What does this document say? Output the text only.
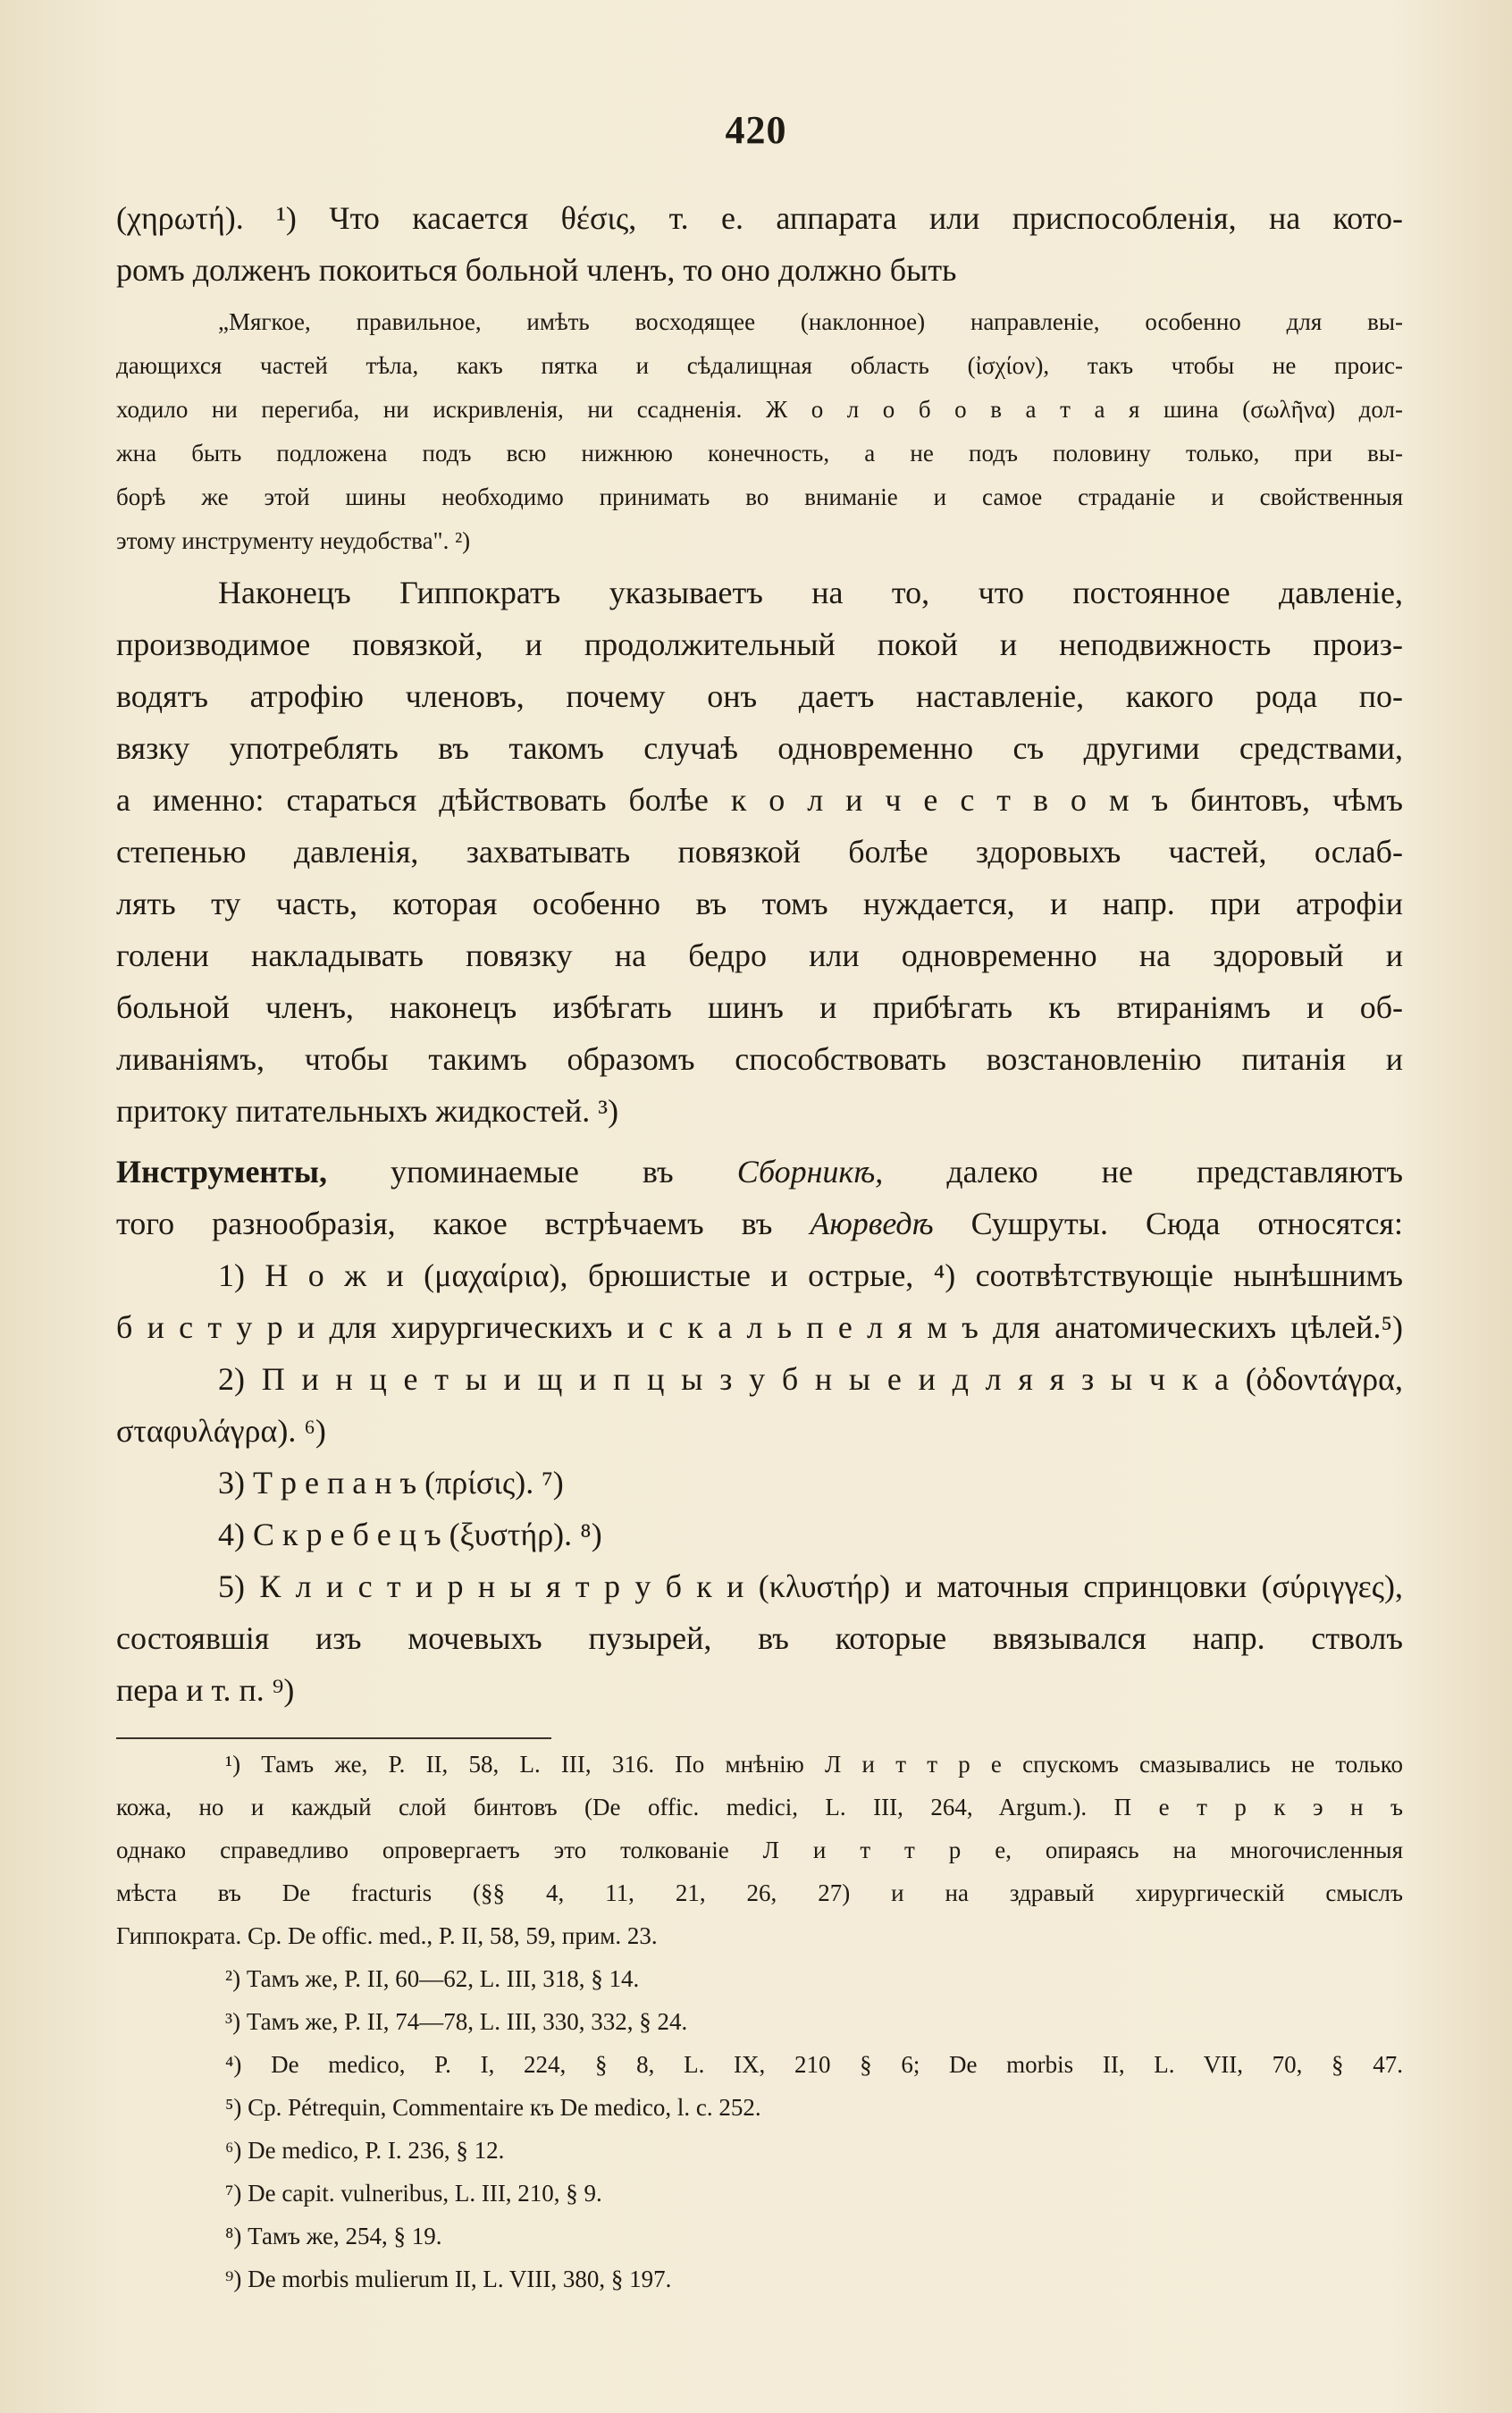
420
(χηρωτή). ¹) Что касается θέσις, т. е. аппарата или приспособленія, на кото-
ромъ долженъ покоиться больной членъ, то оно должно быть
„Мягкое, правильное, имѣть восходящее (наклонное) направленіе, особенно для вы-
дающихся частей тѣла, какъ пятка и сѣдалищная область (ἰσχίον), такъ чтобы не проис-
ходило ни перегиба, ни искривленія, ни ссадненія. Ж о л о б о в а т а я шина (σωλῆνα) дол-
жна быть подложена подъ всю нижнюю конечность, а не подъ половину только, при вы-
борѣ же этой шины необходимо принимать во вниманіе и самое страданіе и свойственныя
этому инструменту неудобства". ²)
Наконецъ Гиппократъ указываетъ на то, что постоянное давленіе,
производимое повязкой, и продолжительный покой и неподвижность произ-
водятъ атрофію членовъ, почему онъ даетъ наставленіе, какого рода по-
вязку употреблять въ такомъ случаѣ одновременно съ другими средствами,
а именно: стараться дѣйствовать болѣе к о л и ч е с т в о м ъ бинтовъ, чѣмъ
степенью давленія, захватывать повязкой болѣе здоровыхъ частей, ослаб-
лять ту часть, которая особенно въ томъ нуждается, и напр. при атрофіи
голени накладывать повязку на бедро или одновременно на здоровый и
больной членъ, наконецъ избѣгать шинъ и прибѣгать къ втираніямъ и об-
ливаніямъ, чтобы такимъ образомъ способствовать возстановленію питанія и
притоку питательныхъ жидкостей. ³)
Инструменты, упоминаемые въ Сборникѣ, далеко не представляютъ
того разнообразія, какое встрѣчаемъ въ Аюрведѣ Сушруты. Сюда относятся:
1) Н о ж и (μαχαίρια), брюшистые и острые, ⁴) соотвѣтствующіе нынѣшнимъ
б и с т у р и для хирургическихъ и с к а л ь п е л я м ъ для анатомическихъ цѣлей.⁵)
2) П и н ц е т ы и щ и п ц ы з у б н ы е и д л я я з ы ч к а (ὀδοντάγρα,
σταφυλάγρα). ⁶)
3) Т р е п а н ъ (πρίσις). ⁷)
4) С к р е б е ц ъ (ξυστήρ). ⁸)
5) К л и с т и р н ы я т р у б к и (κλυστήρ) и маточныя спринцовки (σύριγγες),
состоявшія изъ мочевыхъ пузырей, въ которые ввязывался напр. стволъ
пера и т. п. ⁹)
¹) Тамъ же, P. II, 58, L. III, 316. По мнѣнію Л и т т р е спускомъ смазывались не только
кожа, но и каждый слой бинтовъ (De offic. medici, L. III, 264, Argum.). П е т р к э н ъ
однако справедливо опровергаетъ это толкованіе Л и т т р е, опираясь на многочисленныя
мѣста въ De fracturis (§§ 4, 11, 21, 26, 27) и на здравый хирургическій смыслъ
Гиппократа. Ср. De offic. med., P. II, 58, 59, прим. 23.
²) Тамъ же, P. II, 60—62, L. III, 318, § 14.
³) Тамъ же, P. II, 74—78, L. III, 330, 332, § 24.
⁴) De medico, P. I, 224, § 8, L. IX, 210 § 6; De morbis II, L. VII, 70, § 47.
⁵) Ср. Pétrequin, Commentaire къ De medico, l. c. 252.
⁶) De medico, P. I. 236, § 12.
⁷) De capit. vulneribus, L. III, 210, § 9.
⁸) Тамъ же, 254, § 19.
⁹) De morbis mulierum II, L. VIII, 380, § 197.
